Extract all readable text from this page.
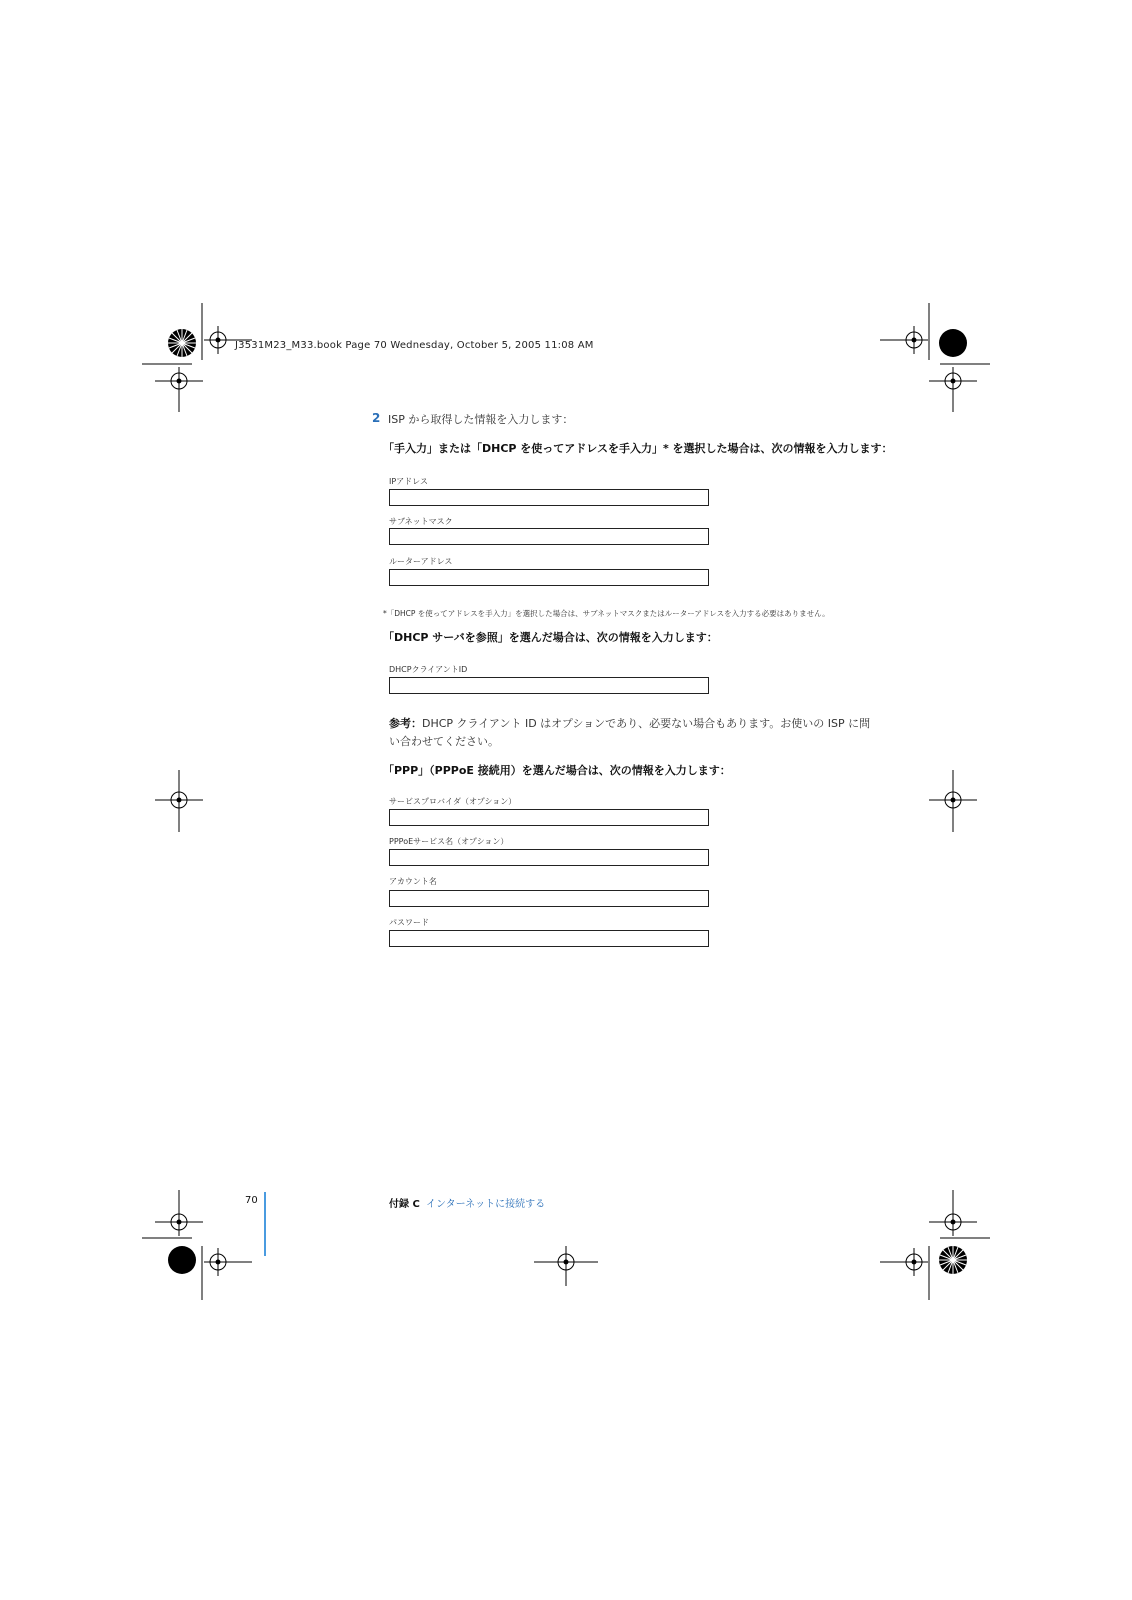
J3531M23_M33.book Page 70 Wednesday, October 5, 2005 11:08 AM
2 ISP から取得した情報を入力します：
「手入力」または「DHCP を使ってアドレスを手入力」* を選択した場合は、次の情報を入力します：
IPアドレス
サブネットマスク
ルーターアドレス
*「DHCP を使ってアドレスを手入力」を選択した場合は、サブネットマスクまたはルーターアドレスを入力する必要はありません。
「DHCP サーバを参照」を選んだ場合は、次の情報を入力します：
DHCPクライアントID
参考：DHCP クライアント ID はオプションであり、必要ない場合もあります。お使いの ISP に問い合わせてください。
「PPP」（PPPoE 接続用）を選んだ場合は、次の情報を入力します：
サービスプロバイダ（オプション）
PPPoEサービス名（オプション）
アカウント名
パスワード
70	付録 C インターネットに接続する
